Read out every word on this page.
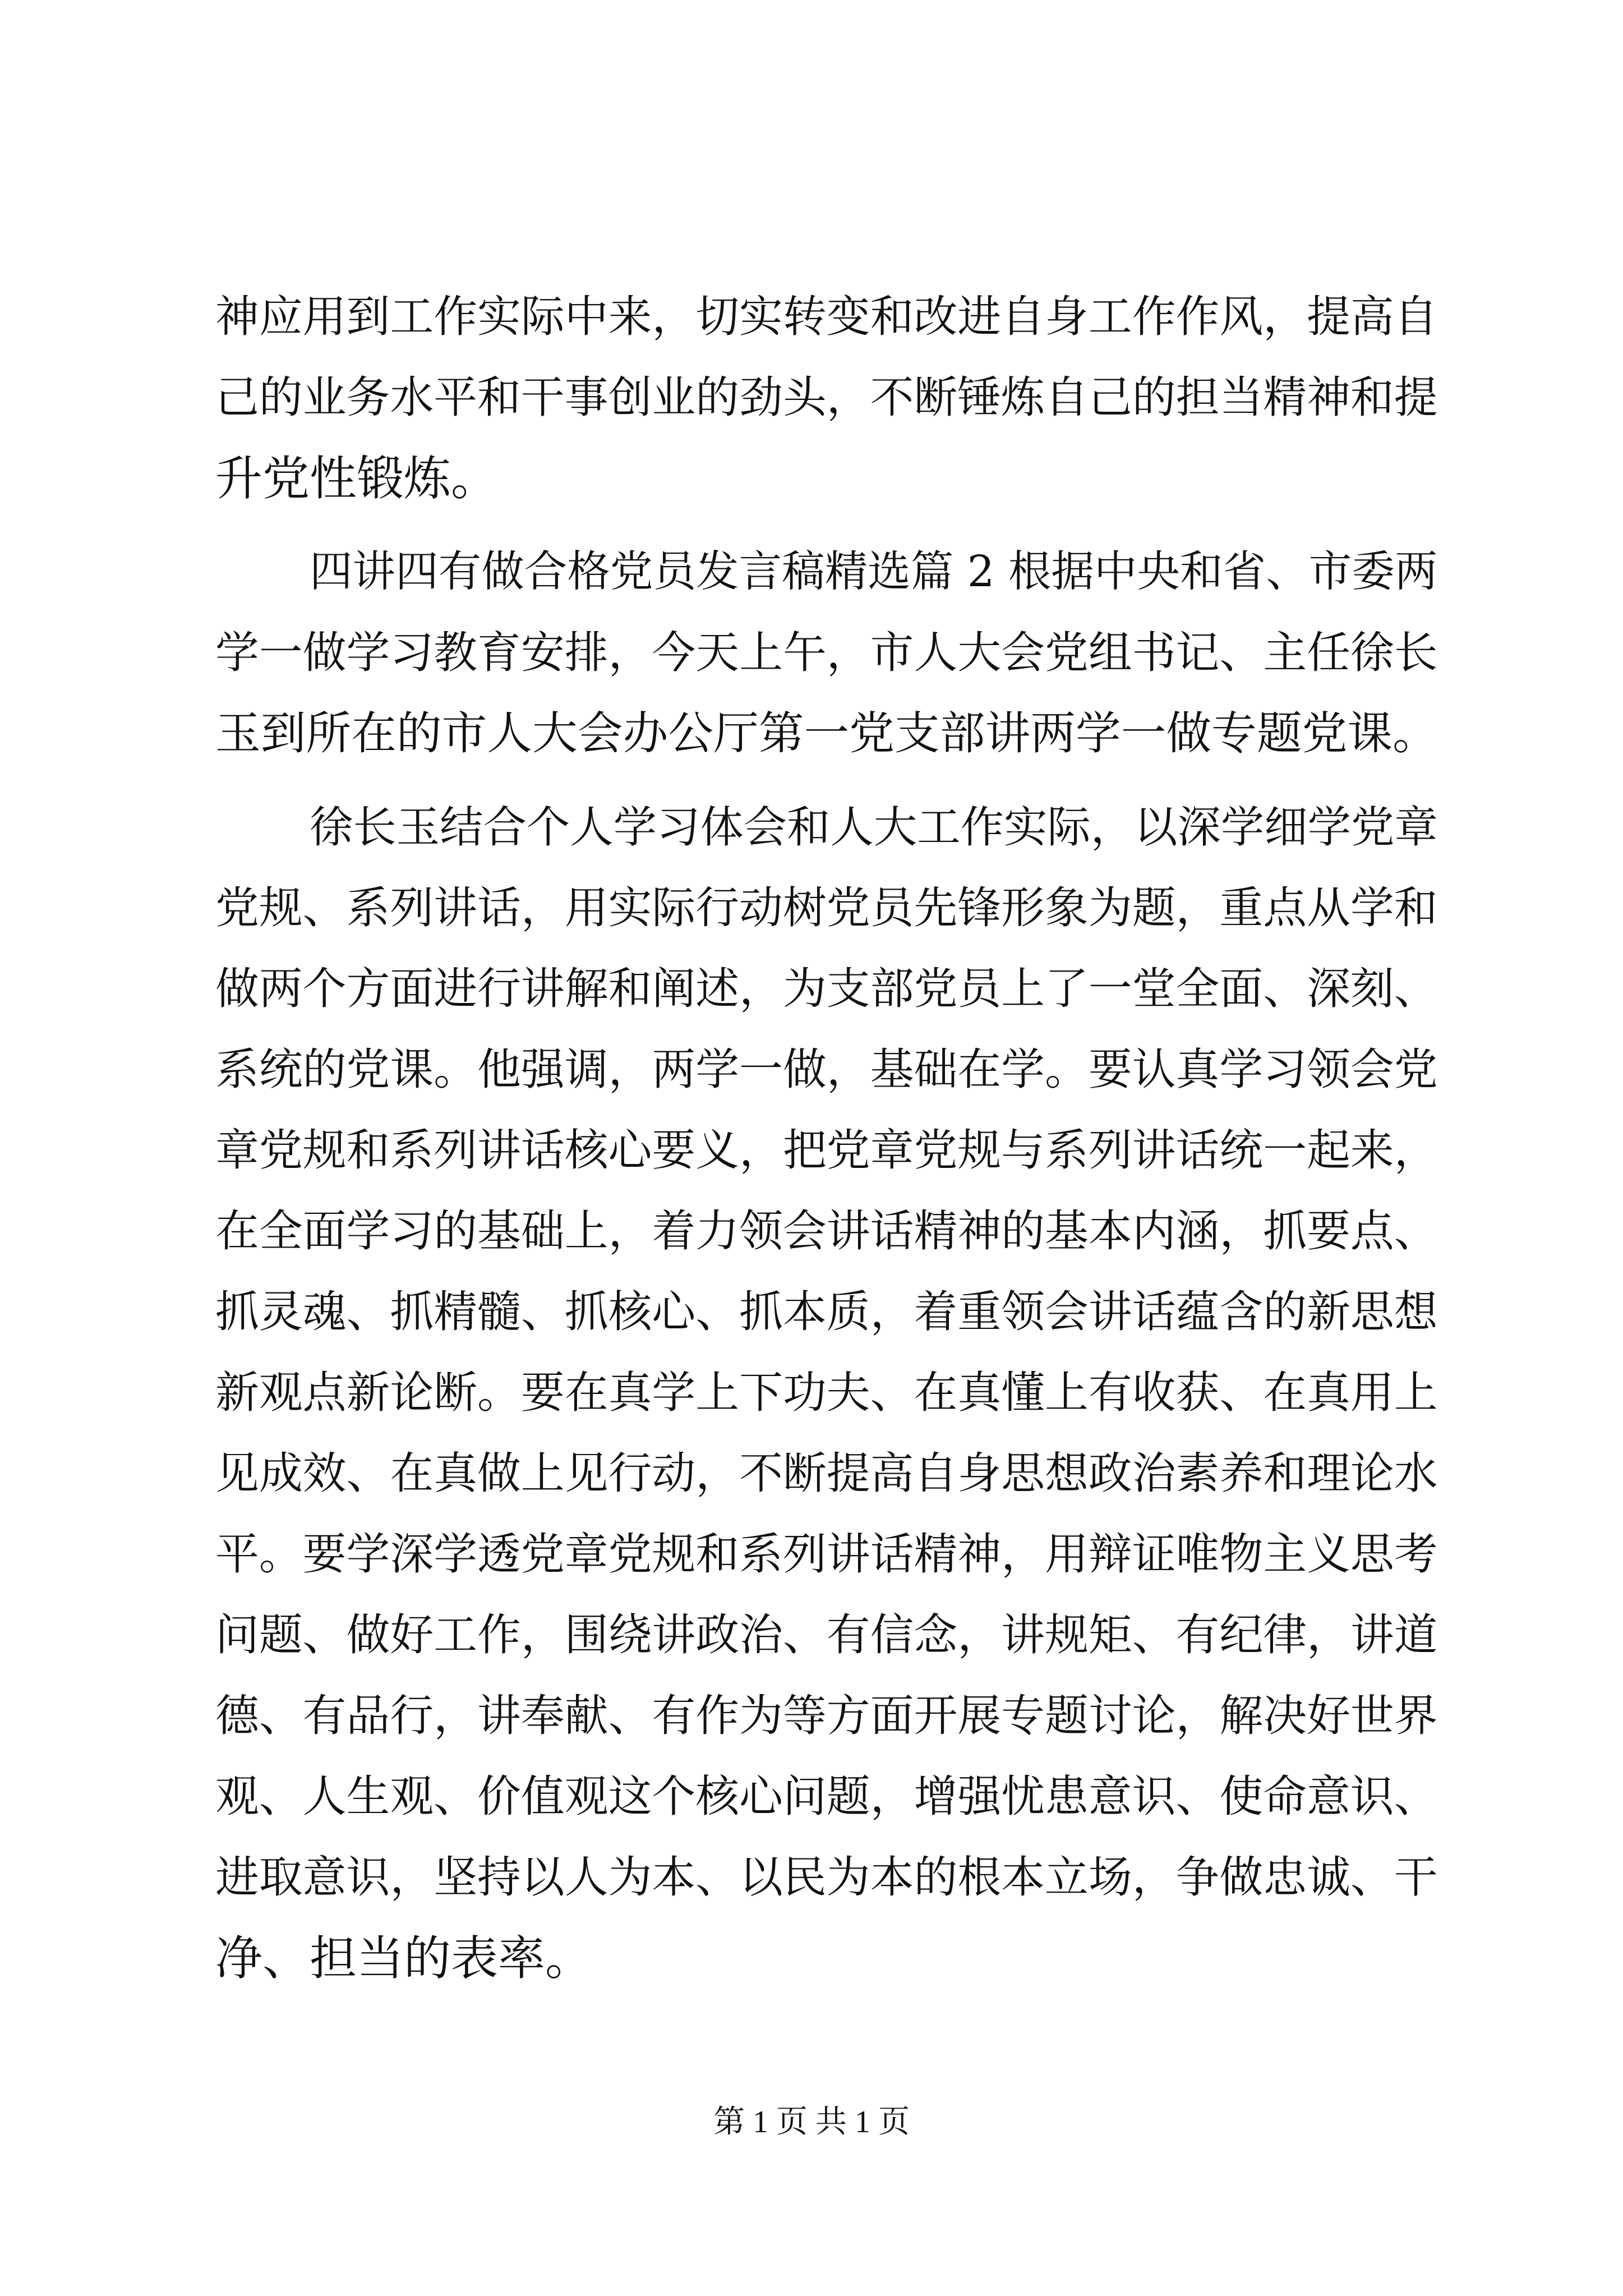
神应用到工作实际中来，切实转变和改进自身工作作风，提高自
己的业务水平和干事创业的劲头，不断锤炼自己的担当精神和提
升党性锻炼。
四讲四有做合格党员发言稿精选篇 2 根据中央和省、市委两
学一做学习教育安排，今天上午，市人大会党组书记、主任徐长
玉到所在的市人大会办公厅第一党支部讲两学一做专题党课。
徐长玉结合个人学习体会和人大工作实际，以深学细学党章
党规、系列讲话，用实际行动树党员先锋形象为题，重点从学和
做两个方面进行讲解和阐述，为支部党员上了一堂全面、深刻、
系统的党课。他强调，两学一做，基础在学。要认真学习领会党
章党规和系列讲话核心要义，把党章党规与系列讲话统一起来，
在全面学习的基础上，着力领会讲话精神的基本内涵，抓要点、
抓灵魂、抓精髓、抓核心、抓本质，着重领会讲话蕴含的新思想
新观点新论断。要在真学上下功夫、在真懂上有收获、在真用上
见成效、在真做上见行动，不断提高自身思想政治素养和理论水
平。要学深学透党章党规和系列讲话精神，用辩证唯物主义思考
问题、做好工作，围绕讲政治、有信念，讲规矩、有纪律，讲道
德、有品行，讲奉献、有作为等方面开展专题讨论，解决好世界
观、人生观、价值观这个核心问题，增强忧患意识、使命意识、
进取意识，坚持以人为本、以民为本的根本立场，争做忠诚、干
净、担当的表率。
第 1 页 共 1 页
